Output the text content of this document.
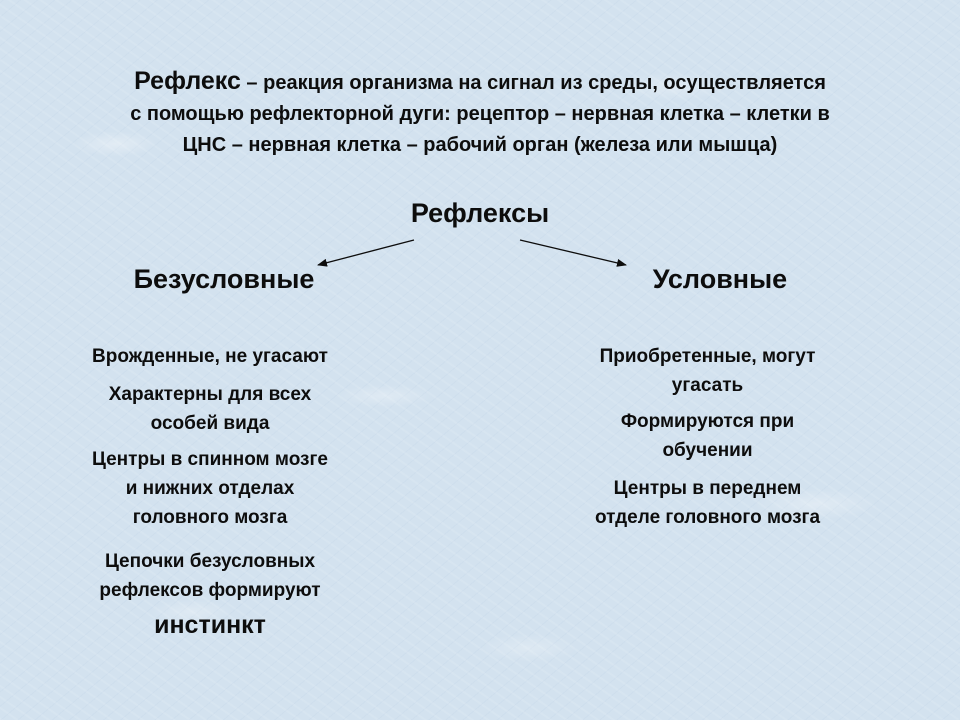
Рефлекс – реакция организма на сигнал из среды, осуществляется
с помощью рефлекторной дуги: рецептор – нервная клетка – клетки в
ЦНС – нервная клетка – рабочий орган (железа или мышца)
Рефлексы
Безусловные	Условные
Врожденные, не угасают
Характерны для всех
особей вида
Центры в спинном мозге
и нижних отделах
головного мозга
Цепочки безусловных
рефлексов формируют
инстинкт
Приобретенные, могут
угасать
Формируются при
обучении
Центры в переднем
отделе головного мозга
